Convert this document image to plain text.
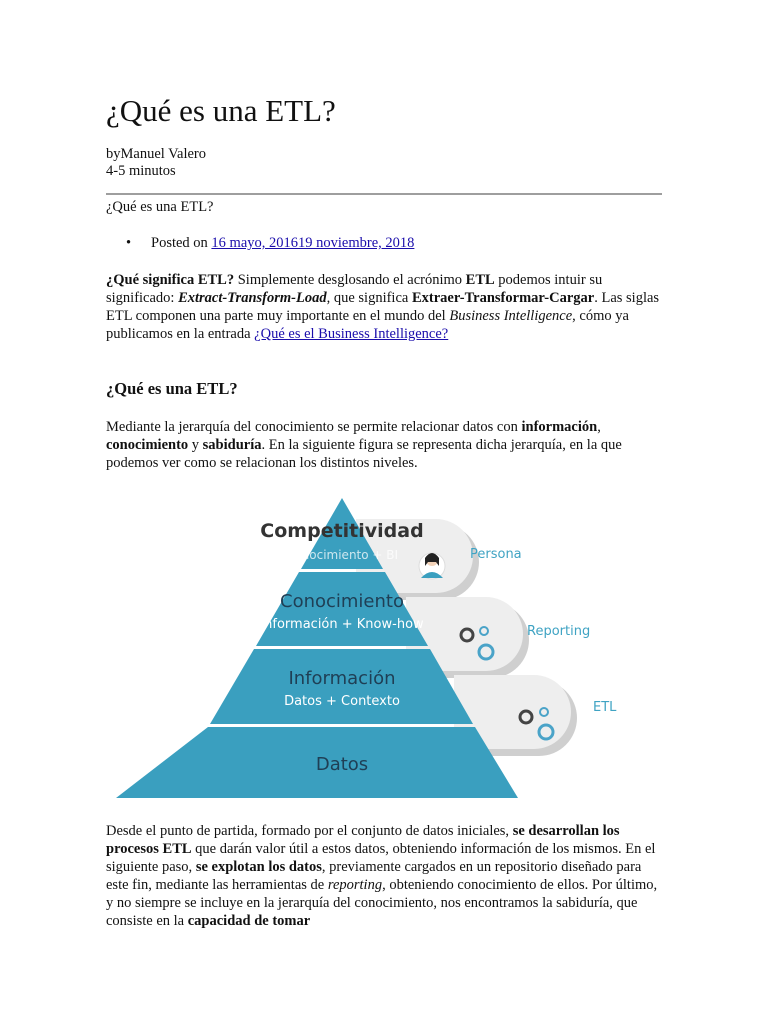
¿Qué es una ETL?
byManuel Valero
4-5 minutos
¿Qué es una ETL?
• Posted on 16 mayo, 201619 noviembre, 2018
¿Qué significa ETL? Simplemente desglosando el acrónimo ETL podemos intuir su significado: Extract-Transform-Load, que significa Extraer-Transformar-Cargar. Las siglas ETL componen una parte muy importante en el mundo del Business Intelligence, cómo ya publicamos en la entrada ¿Qué es el Business Intelligence?
¿Qué es una ETL?
Mediante la jerarquía del conocimiento se permite relacionar datos con información, conocimiento y sabiduría. En la siguiente figura se representa dicha jerarquía, en la que podemos ver como se relacionan los distintos niveles.
Competitividad
Conocimiento + BI
Conocimiento
Información + Know-how
Información
Datos + Contexto
Datos
Persona
Reporting
ETL
Desde el punto de partida, formado por el conjunto de datos iniciales, se desarrollan los procesos ETL que darán valor útil a estos datos, obteniendo información de los mismos. En el siguiente paso, se explotan los datos, previamente cargados en un repositorio diseñado para este fin, mediante las herramientas de reporting, obteniendo conocimiento de ellos. Por último, y no siempre se incluye en la jerarquía del conocimiento, nos encontramos la sabiduría, que consiste en la capacidad de tomar
